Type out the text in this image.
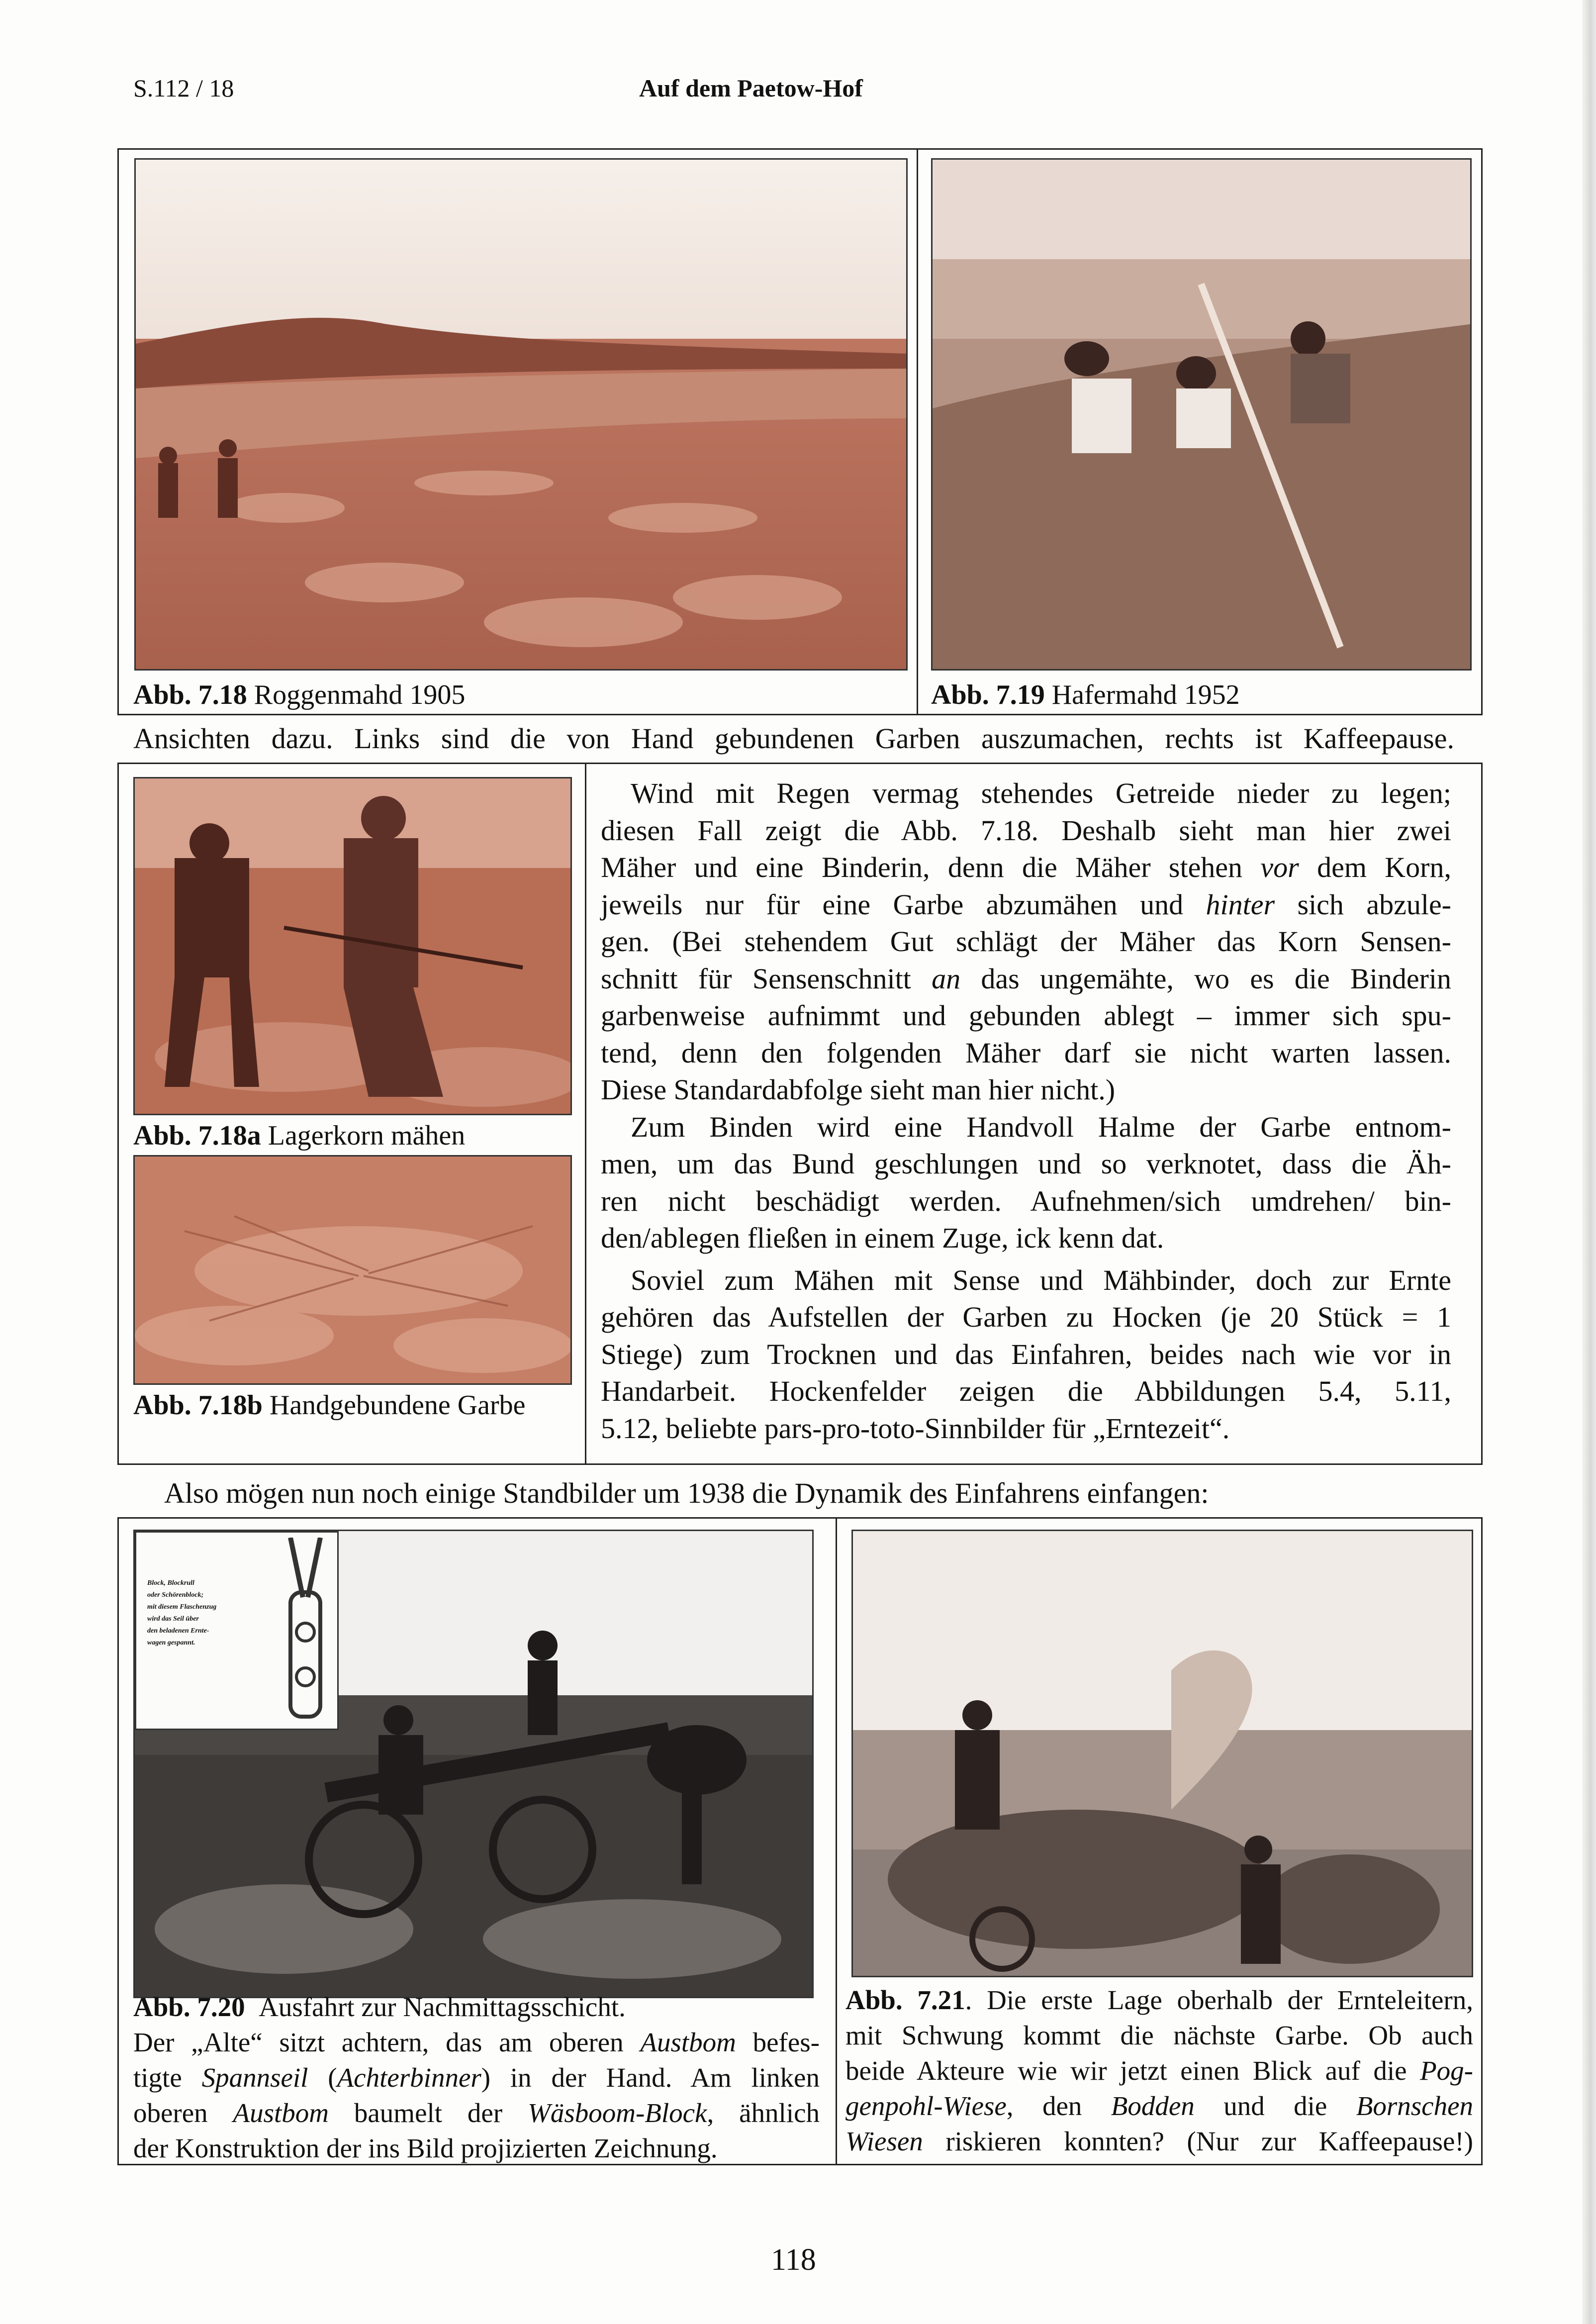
S.112 / 18	Auf dem Paetow-Hof
Abb. 7.18 Roggenmahd 1905	Abb. 7.19 Hafermahd 1952
Ansichten dazu. Links sind die von Hand gebundenen Garben auszumachen, rechts ist Kaffeepause.
Abb. 7.18a Lagerkorn mähen
Abb. 7.18b Handgebundene Garbe
Wind mit Regen vermag stehendes Getreide nieder zu legen;
diesen Fall zeigt die Abb. 7.18. Deshalb sieht man hier zwei
Mäher und eine Binderin, denn die Mäher stehen vor dem Korn,
jeweils nur für eine Garbe abzumähen und hinter sich abzule-
gen. (Bei stehendem Gut schlägt der Mäher das Korn Sensen-
schnitt für Sensenschnitt an das ungemähte, wo es die Binderin
garbenweise aufnimmt und gebunden ablegt – immer sich spu-
tend, denn den folgenden Mäher darf sie nicht warten lassen.
Diese Standardabfolge sieht man hier nicht.)
Zum Binden wird eine Handvoll Halme der Garbe entnom-
men, um das Bund geschlungen und so verknotet, dass die Äh-
ren nicht beschädigt werden. Aufnehmen/sich umdrehen/ bin-
den/ablegen fließen in einem Zuge, ick kenn dat.
Soviel zum Mähen mit Sense und Mähbinder, doch zur Ernte
gehören das Aufstellen der Garben zu Hocken (je 20 Stück = 1
Stiege) zum Trocknen und das Einfahren, beides nach wie vor in
Handarbeit. Hockenfelder zeigen die Abbildungen 5.4, 5.11,
5.12, beliebte pars-pro-toto-Sinnbilder für „Erntezeit“.
Also mögen nun noch einige Standbilder um 1938 die Dynamik des Einfahrens einfangen:
Block, Blockrull
oder Schörenblock;
mit diesem Flaschenzug
wird das Seil über
den beladenen Ernte-
wagen gespannt.
Abb. 7.20 Ausfahrt zur Nachmittagsschicht.
Der „Alte“ sitzt achtern, das am oberen Austbom befes-
tigte Spannseil (Achterbinner) in der Hand. Am linken
oberen Austbom baumelt der Wäsboom-Block, ähnlich
der Konstruktion der ins Bild projizierten Zeichnung.
Abb. 7.21. Die erste Lage oberhalb der Ernteleitern,
mit Schwung kommt die nächste Garbe. Ob auch
beide Akteure wie wir jetzt einen Blick auf die Pog-
genpohl-Wiese, den Bodden und die Bornschen
Wiesen riskieren konnten? (Nur zur Kaffeepause!)
118
